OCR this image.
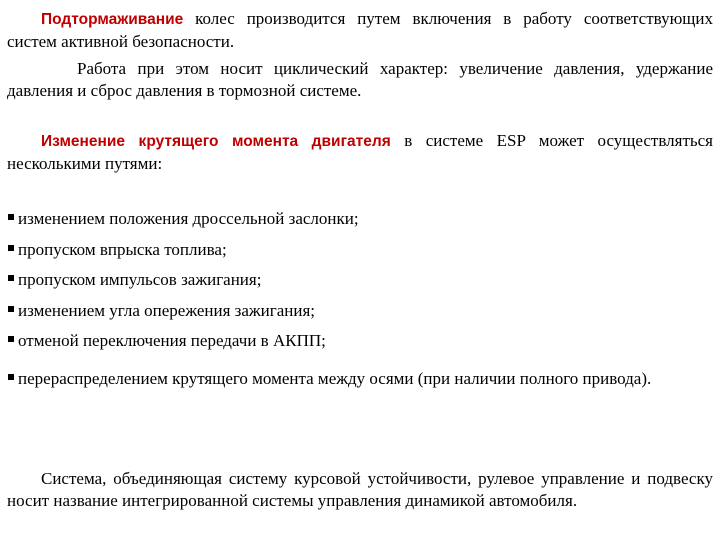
Подтормаживание колес производится путем включения в работу соответствующих систем активной безопасности.

Работа при этом носит циклический характер: увеличение давления, удержание давления и сброс давления в тормозной системе.

Изменение крутящего момента двигателя в системе ESP может осуществляться несколькими путями:

изменением положения дроссельной заслонки;
пропуском впрыска топлива;
пропуском импульсов зажигания;
изменением угла опережения зажигания;
отменой переключения передачи в АКПП;
перераспределением крутящего момента между осями (при наличии полного привода).

Система, объединяющая систему курсовой устойчивости, рулевое управление и подвеску носит название интегрированной системы управления динамикой автомобиля.
